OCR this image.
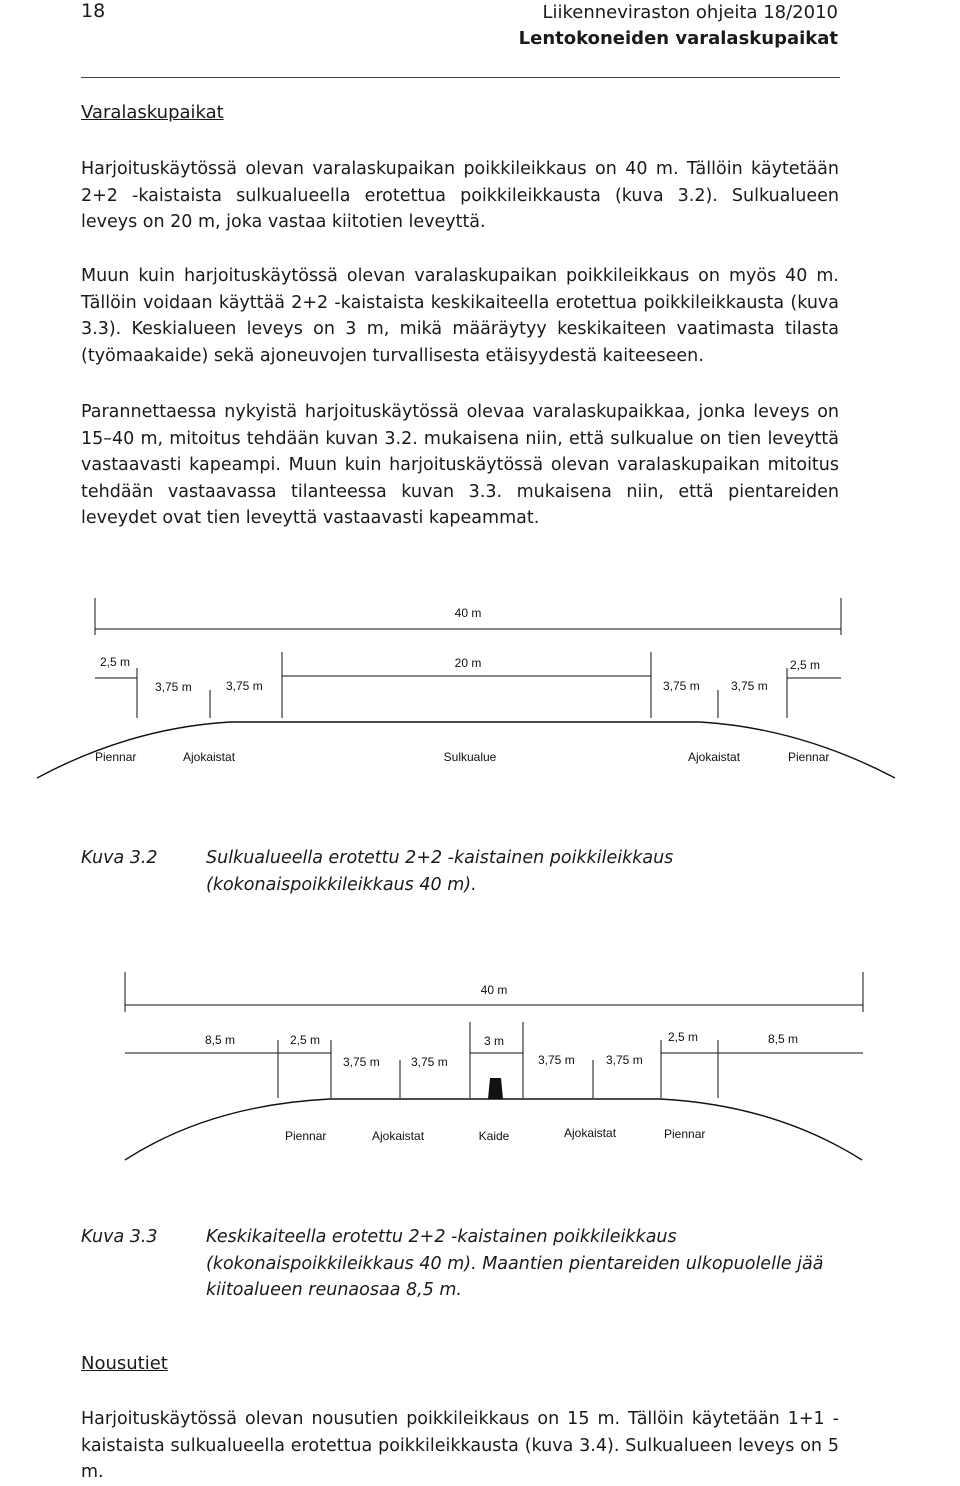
18	Liikenneviraston ohjeita 18/2010
Lentokoneiden varalaskupaikat
Varalaskupaikat

Harjoituskäytössä olevan varalaskupaikan poikkileikkaus on 40 m. Tällöin käytetään 2+2 -kaistaista sulkualueella erotettua poikkileikkausta (kuva 3.2). Sulkualueen leveys on 20 m, joka vastaa kiitotien leveyttä.

Muun kuin harjoituskäytössä olevan varalaskupaikan poikkileikkaus on myös 40 m. Tällöin voidaan käyttää 2+2 -kaistaista keskikaiteella erotettua poikkileikkausta (kuva 3.3). Keskialueen leveys on 3 m, mikä määräytyy keskikaiteen vaatimasta tilasta (työmaakaide) sekä ajoneuvojen turvallisesta etäisyydestä kaiteeseen.

Parannettaessa nykyistä harjoituskäytössä olevaa varalaskupaikkaa, jonka leveys on 15–40 m, mitoitus tehdään kuvan 3.2. mukaisena niin, että sulkualue on tien leveyttä vastaavasti kapeampi. Muun kuin harjoituskäytössä olevan varalaskupaikan mitoitus tehdään vastaavassa tilanteessa kuvan 3.3. mukaisena niin, että pientareiden leveydet ovat tien leveyttä vastaavasti kapeammat.

40 m
2,5 m	20 m	2,5 m
3,75 m	3,75 m	3,75 m	3,75 m
Piennar	Ajokaistat	Sulkualue	Ajokaistat	Piennar
Kuva 3.2	Sulkualueella erotettu 2+2 -kaistainen poikkileikkaus (kokonaispoikkileikkaus 40 m).
40 m
8,5 m	2,5 m	3 m	2,5 m	8,5 m
3,75 m	3,75 m	3,75 m	3,75 m
Piennar	Ajokaistat	Kaide	Ajokaistat	Piennar
Kuva 3.3	Keskikaiteella erotettu 2+2 -kaistainen poikkileikkaus (kokonaispoikkileikkaus 40 m). Maantien pientareiden ulkopuolelle jää kiitoalueen reunaosaa 8,5 m.
Nousutiet

Harjoituskäytössä olevan nousutien poikkileikkaus on 15 m. Tällöin käytetään 1+1 -kaistaista sulkualueella erotettua poikkileikkausta (kuva 3.4). Sulkualueen leveys on 5 m.
